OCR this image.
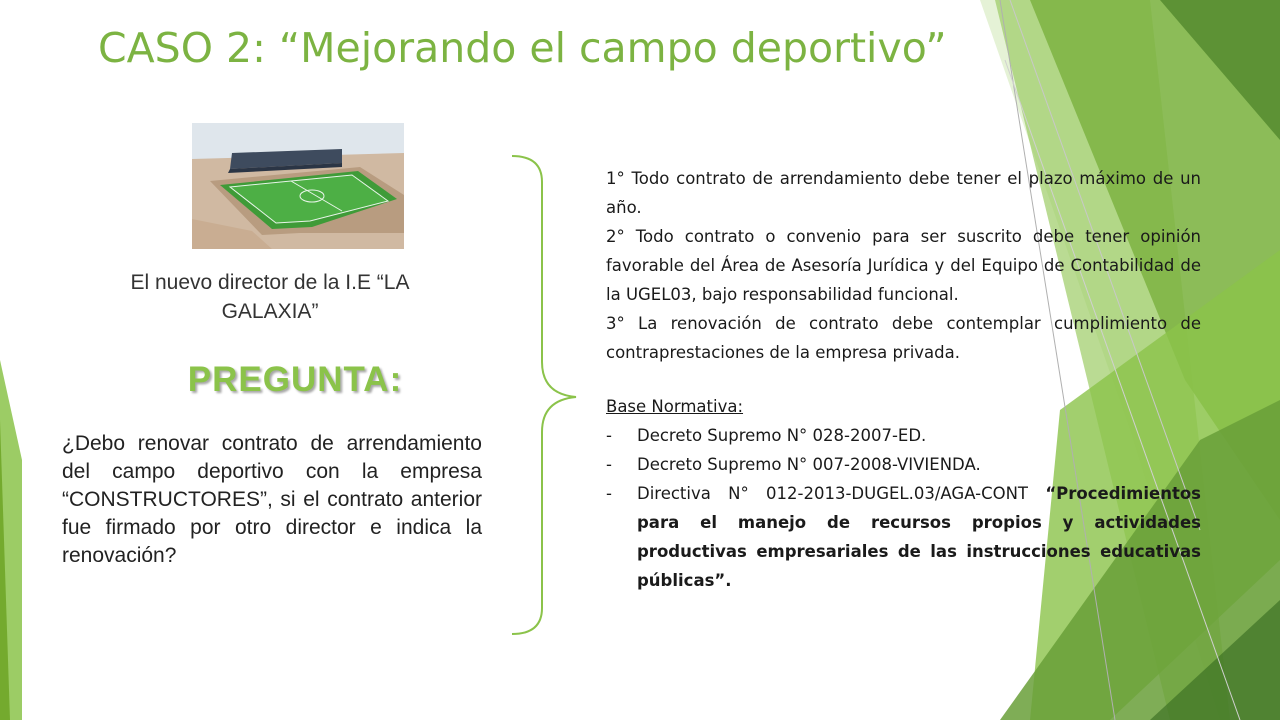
CASO 2: “Mejorando el campo deportivo”
El nuevo director de la I.E “LA GALAXIA”
PREGUNTA:
¿Debo renovar contrato de arrendamiento del campo deportivo con la empresa “CONSTRUCTORES”, si el contrato anterior fue firmado por otro director e indica la renovación?

1° Todo contrato de arrendamiento debe tener el plazo máximo de un año.

2° Todo contrato o convenio para ser suscrito debe tener opinión favorable del Área de Asesoría Jurídica y del Equipo de Contabilidad de la UGEL03, bajo responsabilidad funcional.

3° La renovación de contrato debe contemplar cumplimiento de contraprestaciones de la empresa privada.

Base Normativa:

- Decreto Supremo N° 028-2007-ED.
- Decreto Supremo N° 007-2008-VIVIENDA.
- Directiva N° 012-2013-DUGEL.03/AGA-CONT “Procedimientos para el manejo de recursos propios y actividades productivas empresariales de las instrucciones educativas públicas”.
